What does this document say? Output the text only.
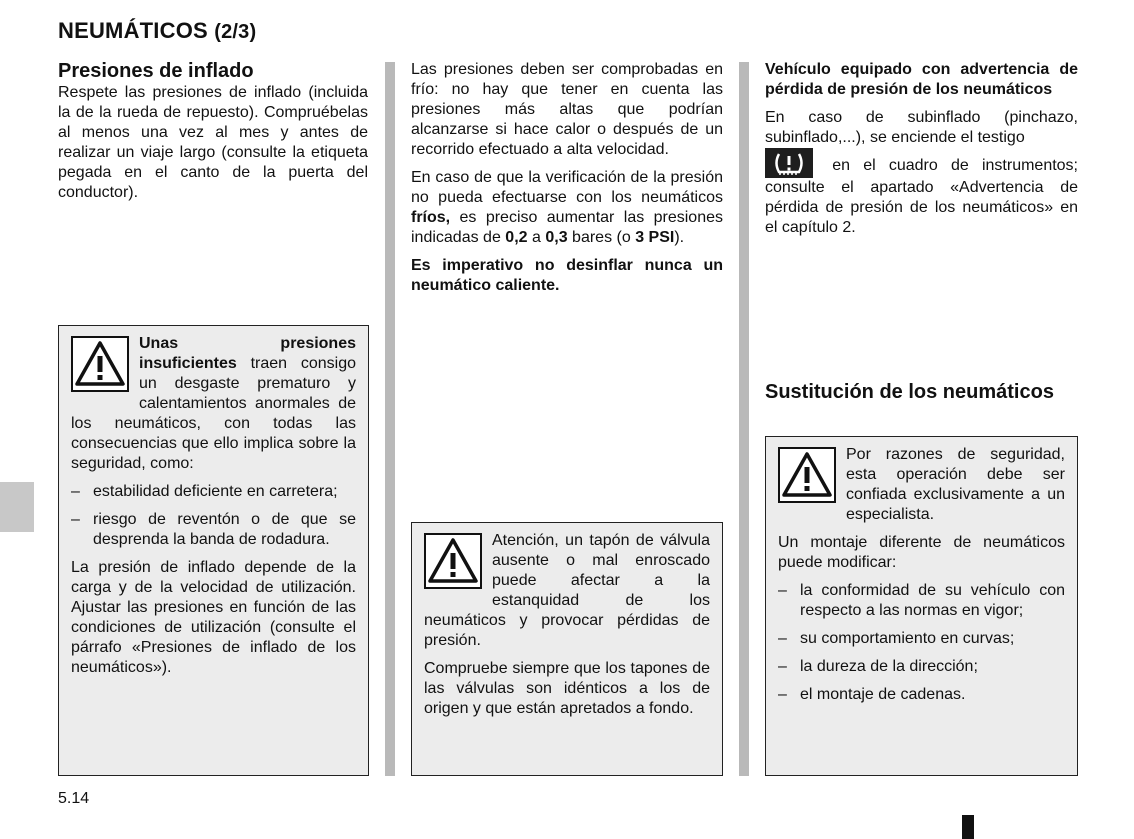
NEUMÁTICOS (2/3)
Presiones de inflado

Respete las presiones de inflado (incluida la de la rueda de repuesto). Compruébelas al menos una vez al mes y antes de realizar un viaje largo (consulte la etiqueta pegada en el canto de la puerta del conductor).

Unas presiones insuficientes traen consigo un desgaste prematuro y calentamientos anormales de los neumáticos, con todas las consecuencias que ello implica sobre la seguridad, como:

– estabilidad deficiente en carretera;
– riesgo de reventón o de que se desprenda la banda de rodadura.

La presión de inflado depende de la carga y de la velocidad de utilización. Ajustar las presiones en función de las condiciones de utilización (consulte el párrafo «Presiones de inflado de los neumáticos»).

Las presiones deben ser comprobadas en frío: no hay que tener en cuenta las presiones más altas que podrían alcanzarse si hace calor o después de un recorrido efectuado a alta velocidad.

En caso de que la verificación de la presión no pueda efectuarse con los neumáticos fríos, es preciso aumentar las presiones indicadas de 0,2 a 0,3 bares (o 3 PSI).

Es imperativo no desinflar nunca un neumático caliente.

Atención, un tapón de válvula ausente o mal enroscado puede afectar a la estanquidad de los neumáticos y provocar pérdidas de presión.

Compruebe siempre que los tapones de las válvulas son idénticos a los de origen y que están apretados a fondo.

Vehículo equipado con advertencia de pérdida de presión de los neumáticos

En caso de subinflado (pinchazo, subinflado,...), se enciende el testigo
en el cuadro de instrumentos; consulte el apartado «Advertencia de pérdida de presión de los neumáticos» en el capítulo 2.

Sustitución de los neumáticos

Por razones de seguridad, esta operación debe ser confiada exclusivamente a un especialista.

Un montaje diferente de neumáticos puede modificar:

– la conformidad de su vehículo con respecto a las normas en vigor;
– su comportamiento en curvas;
– la dureza de la dirección;
– el montaje de cadenas.
5.14
